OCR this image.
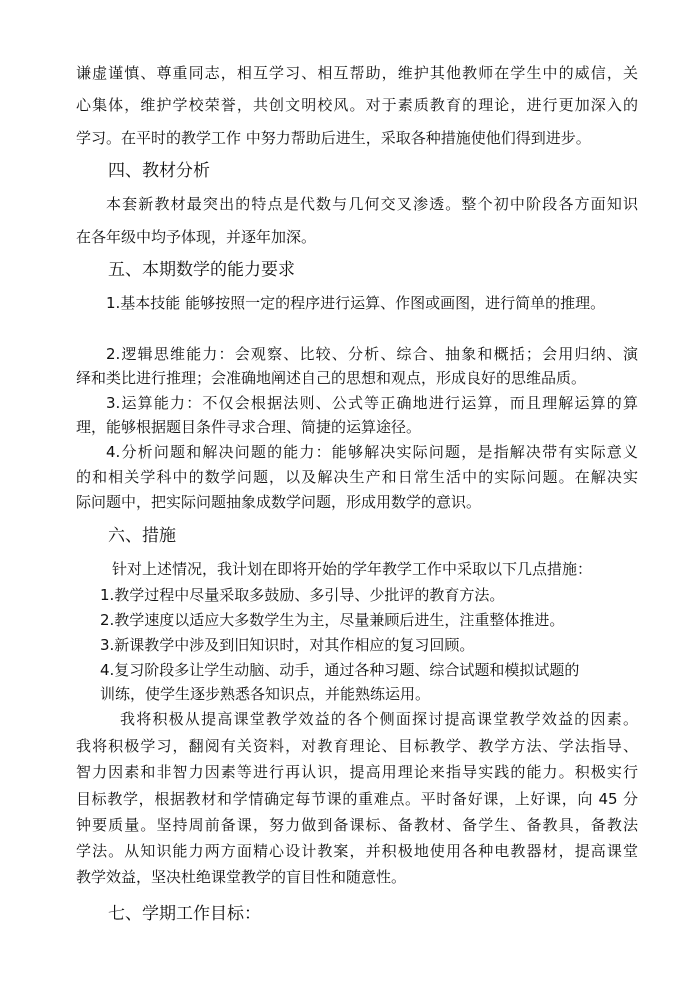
谦虚谨慎、尊重同志，相互学习、相互帮助，维护其他教师在学生中的威信，关
心集体，维护学校荣誉，共创文明校风。对于素质教育的理论，进行更加深入的
学习。在平时的教学工作 中努力帮助后进生，采取各种措施使他们得到进步。
四、教材分析
本套新教材最突出的特点是代数与几何交叉渗透。整个初中阶段各方面知识
在各年级中均予体现，并逐年加深。
五、本期数学的能力要求
1.基本技能 能够按照一定的程序进行运算、作图或画图，进行简单的推理。
2.逻辑思维能力：会观察、比较、分析、综合、抽象和概括；会用归纳、演
绎和类比进行推理；会准确地阐述自己的思想和观点，形成良好的思维品质。
3.运算能力：不仅会根据法则、公式等正确地进行运算，而且理解运算的算
理，能够根据题目条件寻求合理、简捷的运算途径。
4.分析问题和解决问题的能力：能够解决实际问题，是指解决带有实际意义
的和相关学科中的数学问题，以及解决生产和日常生活中的实际问题。在解决实
际问题中，把实际问题抽象成数学问题，形成用数学的意识。
六、措施
针对上述情况，我计划在即将开始的学年教学工作中采取以下几点措施：
1.教学过程中尽量采取多鼓励、多引导、少批评的教育方法。
2.教学速度以适应大多数学生为主，尽量兼顾后进生，注重整体推进。
3.新课教学中涉及到旧知识时，对其作相应的复习回顾。
4.复习阶段多让学生动脑、动手，通过各种习题、综合试题和模拟试题的
训练，使学生逐步熟悉各知识点，并能熟练运用。
我将积极从提高课堂教学效益的各个侧面探讨提高课堂教学效益的因素。
我将积极学习，翻阅有关资料，对教育理论、目标教学、教学方法、学法指导、
智力因素和非智力因素等进行再认识，提高用理论来指导实践的能力。积极实行
目标教学，根据教材和学情确定每节课的重难点。平时备好课，上好课，向 45 分
钟要质量。坚持周前备课，努力做到备课标、备教材、备学生、备教具，备教法
学法。从知识能力两方面精心设计教案，并积极地使用各种电教器材，提高课堂
教学效益，坚决杜绝课堂教学的盲目性和随意性。
七、学期工作目标：
